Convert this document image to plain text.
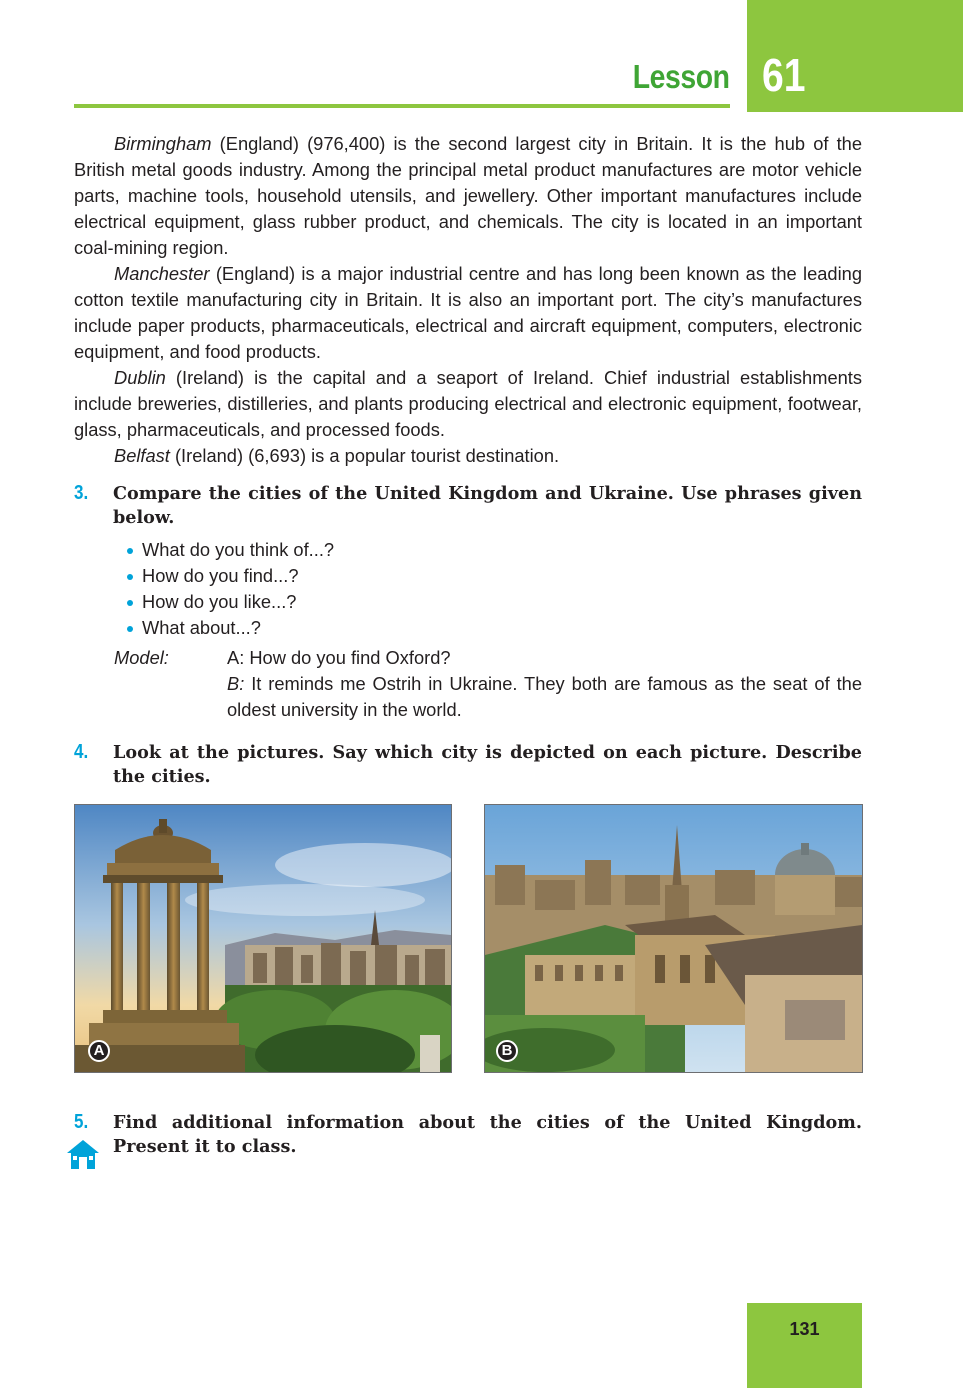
Lesson 61

Birmingham (England) (976,400) is the second largest city in Britain. It is the hub of the British metal goods industry. Among the principal metal product manufactures are motor vehicle parts, machine tools, household utensils, and jewellery. Other important manufactures include electrical equipment, glass rubber product, and chemicals. The city is located in an important coal-mining region.

Manchester (England) is a major industrial centre and has long been known as the leading cotton textile manufacturing city in Britain. It is also an important port. The city’s manufactures include paper products, pharmaceuticals, electrical and aircraft equipment, computers, electronic equipment, and food products.

Dublin (Ireland) is the capital and a seaport of Ireland. Chief industrial establishments include breweries, distilleries, and plants producing electrical and electronic equipment, footwear, glass, pharmaceuticals, and processed foods.

Belfast (Ireland) (6,693) is a popular tourist destination.

3. Compare the cities of the United Kingdom and Ukraine. Use phrases given below.
What do you think of...?
How do you find...?
How do you like...?
What about...?
Model:	A: How do you find Oxford?
B: It reminds me Ostrih in Ukraine. They both are famous as the seat of the oldest university in the world.
4. Look at the pictures. Say which city is depicted on each picture. Describe the cities.
A	B
5. Find additional information about the cities of the United Kingdom. Present it to class.
131
